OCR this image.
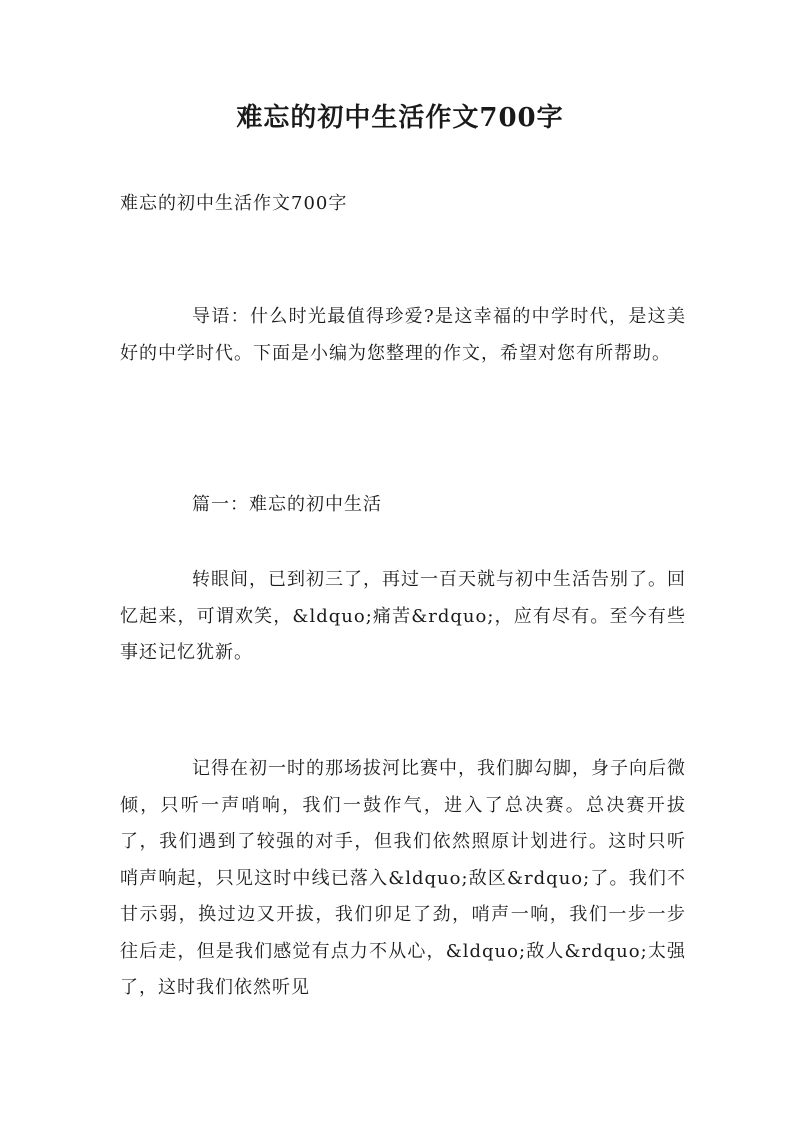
难忘的初中生活作文700字

难忘的初中生活作文700字

导语：什么时光最值得珍爱?是这幸福的中学时代，是这美好的中学时代。下面是小编为您整理的作文，希望对您有所帮助。

篇一：难忘的初中生活

转眼间，已到初三了，再过一百天就与初中生活告别了。回忆起来，可谓欢笑，&ldquo;痛苦&rdquo;，应有尽有。至今有些事还记忆犹新。

记得在初一时的那场拔河比赛中，我们脚勾脚，身子向后微倾，只听一声哨响，我们一鼓作气，进入了总决赛。总决赛开拔了，我们遇到了较强的对手，但我们依然照原计划进行。这时只听哨声响起，只见这时中线已落入&ldquo;敌区&rdquo;了。我们不甘示弱，换过边又开拔，我们卯足了劲，哨声一响，我们一步一步往后走，但是我们感觉有点力不从心，&ldquo;敌人&rdquo;太强了，这时我们依然听见
